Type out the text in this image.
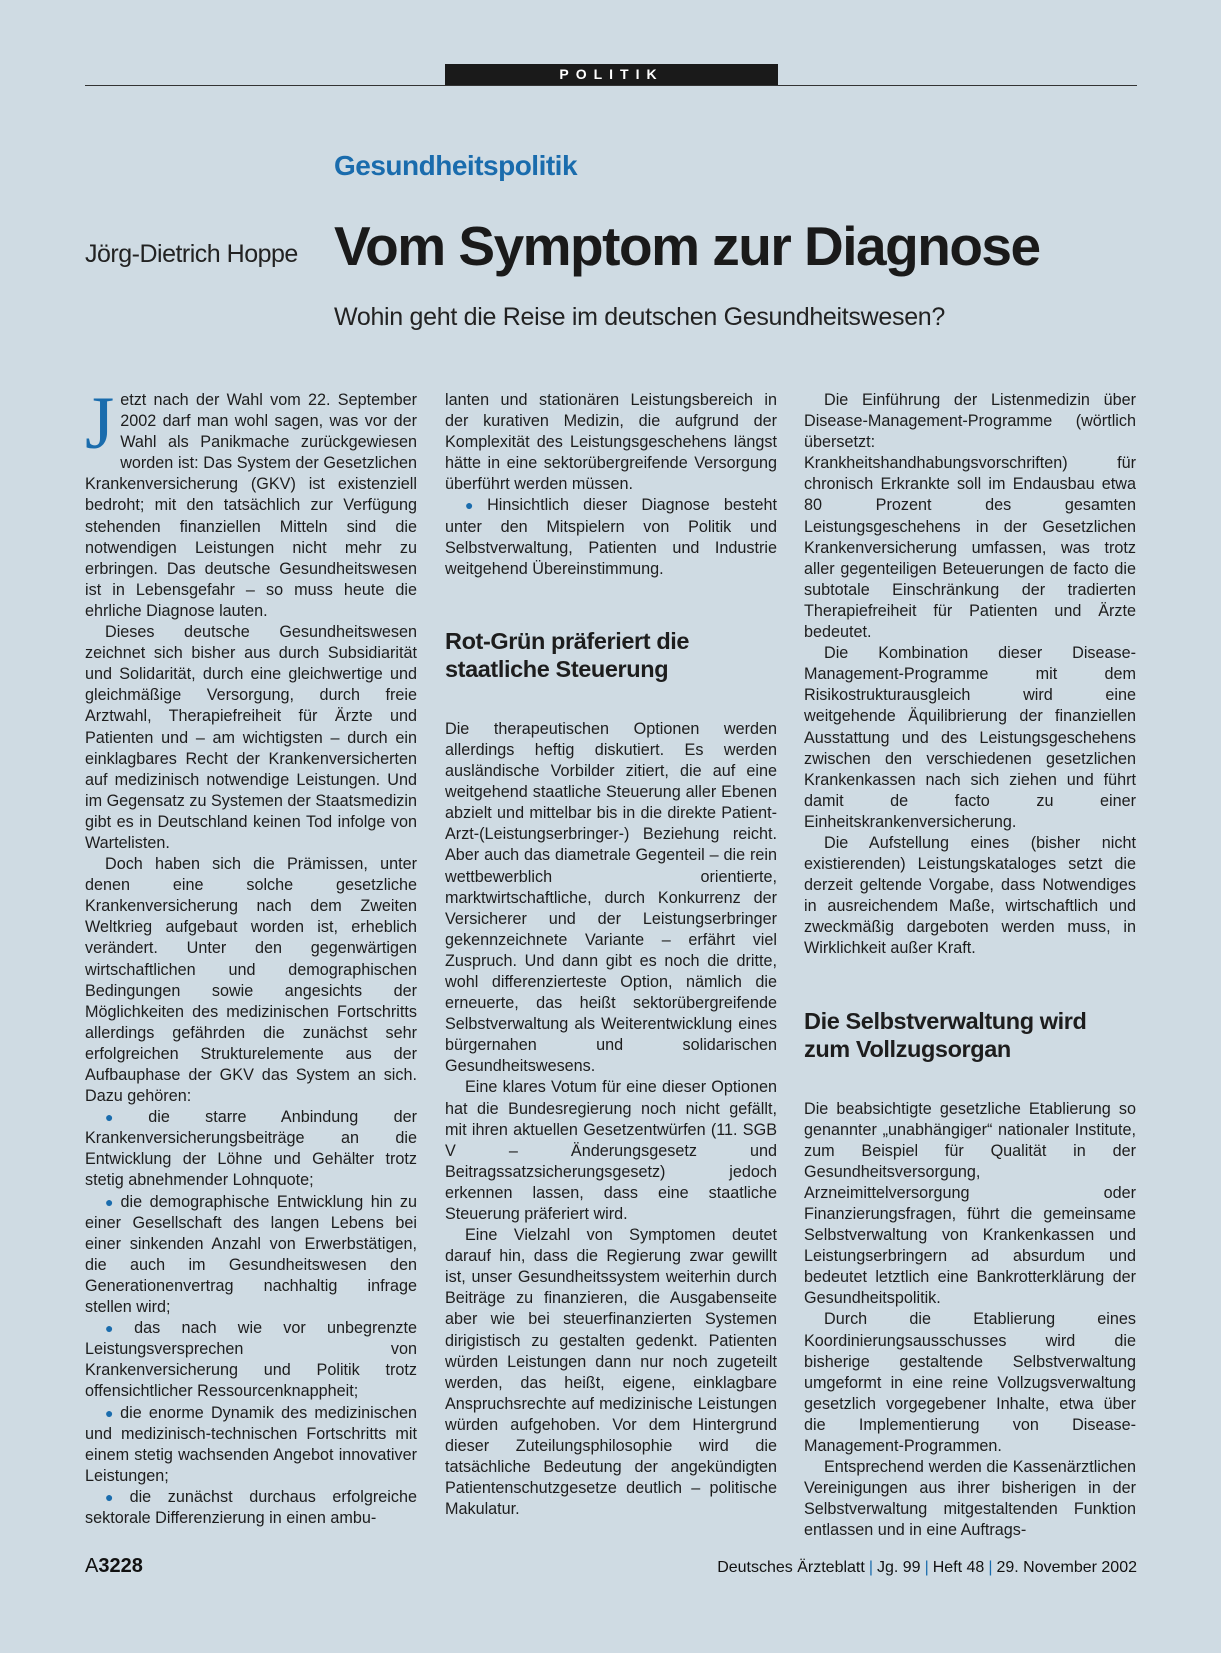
POLITIK
Gesundheitspolitik
Jörg-Dietrich Hoppe Vom Symptom zur Diagnose
Wohin geht die Reise im deutschen Gesundheitswesen?

Jetzt nach der Wahl vom 22. September 2002 darf man wohl sagen, was vor der Wahl als Panikmache zurückgewiesen worden ist: Das System der Gesetzlichen Krankenversicherung (GKV) ist existenziell bedroht; mit den tatsächlich zur Verfügung stehenden finanziellen Mitteln sind die notwendigen Leistungen nicht mehr zu erbringen. Das deutsche Gesundheitswesen ist in Lebensgefahr – so muss heute die ehrliche Diagnose lauten.

Dieses deutsche Gesundheitswesen zeichnet sich bisher aus durch Subsidiarität und Solidarität, durch eine gleichwertige und gleichmäßige Versorgung, durch freie Arztwahl, Therapiefreiheit für Ärzte und Patienten und – am wichtigsten – durch ein einklagbares Recht der Krankenversicherten auf medizinisch notwendige Leistungen. Und im Gegensatz zu Systemen der Staatsmedizin gibt es in Deutschland keinen Tod infolge von Wartelisten.

Doch haben sich die Prämissen, unter denen eine solche gesetzliche Krankenversicherung nach dem Zweiten Weltkrieg aufgebaut worden ist, erheblich verändert. Unter den gegenwärtigen wirtschaftlichen und demographischen Bedingungen sowie angesichts der Möglichkeiten des medizinischen Fortschritts allerdings gefährden die zunächst sehr erfolgreichen Strukturelemente aus der Aufbauphase der GKV das System an sich. Dazu gehören:

● die starre Anbindung der Krankenversicherungsbeiträge an die Entwicklung der Löhne und Gehälter trotz stetig abnehmender Lohnquote;

● die demographische Entwicklung hin zu einer Gesellschaft des langen Lebens bei einer sinkenden Anzahl von Erwerbstätigen, die auch im Gesundheitswesen den Generationenvertrag nachhaltig infrage stellen wird;

● das nach wie vor unbegrenzte Leistungsversprechen von Krankenversicherung und Politik trotz offensichtlicher Ressourcenknappheit;

● die enorme Dynamik des medizinischen und medizinisch-technischen Fortschritts mit einem stetig wachsenden Angebot innovativer Leistungen;

● die zunächst durchaus erfolgreiche sektorale Differenzierung in einen ambu-

lanten und stationären Leistungsbereich in der kurativen Medizin, die aufgrund der Komplexität des Leistungsgeschehens längst hätte in eine sektorübergreifende Versorgung überführt werden müssen.

● Hinsichtlich dieser Diagnose besteht unter den Mitspielern von Politik und Selbstverwaltung, Patienten und Industrie weitgehend Übereinstimmung.

Rot-Grün präferiert die staatliche Steuerung

Die therapeutischen Optionen werden allerdings heftig diskutiert. Es werden ausländische Vorbilder zitiert, die auf eine weitgehend staatliche Steuerung aller Ebenen abzielt und mittelbar bis in die direkte Patient-Arzt-(Leistungserbringer-) Beziehung reicht. Aber auch das diametrale Gegenteil – die rein wettbewerblich orientierte, marktwirtschaftliche, durch Konkurrenz der Versicherer und der Leistungserbringer gekennzeichnete Variante – erfährt viel Zuspruch. Und dann gibt es noch die dritte, wohl differenzierteste Option, nämlich die erneuerte, das heißt sektorübergreifende Selbstverwaltung als Weiterentwicklung eines bürgernahen und solidarischen Gesundheitswesens.

Eine klares Votum für eine dieser Optionen hat die Bundesregierung noch nicht gefällt, mit ihren aktuellen Gesetzentwürfen (11. SGB V – Änderungsgesetz und Beitragssatzsicherungsgesetz) jedoch erkennen lassen, dass eine staatliche Steuerung präferiert wird.

Eine Vielzahl von Symptomen deutet darauf hin, dass die Regierung zwar gewillt ist, unser Gesundheitssystem weiterhin durch Beiträge zu finanzieren, die Ausgabenseite aber wie bei steuerfinanzierten Systemen dirigistisch zu gestalten gedenkt. Patienten würden Leistungen dann nur noch zugeteilt werden, das heißt, eigene, einklagbare Anspruchsrechte auf medizinische Leistungen würden aufgehoben. Vor dem Hintergrund dieser Zuteilungsphilosophie wird die tatsächliche Bedeutung der angekündigten Patientenschutzgesetze deutlich – politische Makulatur.

Die Einführung der Listenmedizin über Disease-Management-Programme (wörtlich übersetzt: Krankheitshandhabungsvorschriften) für chronisch Erkrankte soll im Endausbau etwa 80 Prozent des gesamten Leistungsgeschehens in der Gesetzlichen Krankenversicherung umfassen, was trotz aller gegenteiligen Beteuerungen de facto die subtotale Einschränkung der tradierten Therapiefreiheit für Patienten und Ärzte bedeutet.

Die Kombination dieser Disease-Management-Programme mit dem Risikostrukturausgleich wird eine weitgehende Äquilibrierung der finanziellen Ausstattung und des Leistungsgeschehens zwischen den verschiedenen gesetzlichen Krankenkassen nach sich ziehen und führt damit de facto zu einer Einheitskrankenversicherung.

Die Aufstellung eines (bisher nicht existierenden) Leistungskataloges setzt die derzeit geltende Vorgabe, dass Notwendiges in ausreichendem Maße, wirtschaftlich und zweckmäßig dargeboten werden muss, in Wirklichkeit außer Kraft.

Die Selbstverwaltung wird zum Vollzugsorgan

Die beabsichtigte gesetzliche Etablierung so genannter „unabhängiger“ nationaler Institute, zum Beispiel für Qualität in der Gesundheitsversorgung, Arzneimittelversorgung oder Finanzierungsfragen, führt die gemeinsame Selbstverwaltung von Krankenkassen und Leistungserbringern ad absurdum und bedeutet letztlich eine Bankrotterklärung der Gesundheitspolitik.

Durch die Etablierung eines Koordinierungsausschusses wird die bisherige gestaltende Selbstverwaltung umgeformt in eine reine Vollzugsverwaltung gesetzlich vorgegebener Inhalte, etwa über die Implementierung von Disease-Management-Programmen.

Entsprechend werden die Kassenärztlichen Vereinigungen aus ihrer bisherigen in der Selbstverwaltung mitgestaltenden Funktion entlassen und in eine Auftrags-

A3228	Deutsches Ärzteblatt | Jg. 99 | Heft 48 | 29. November 2002
